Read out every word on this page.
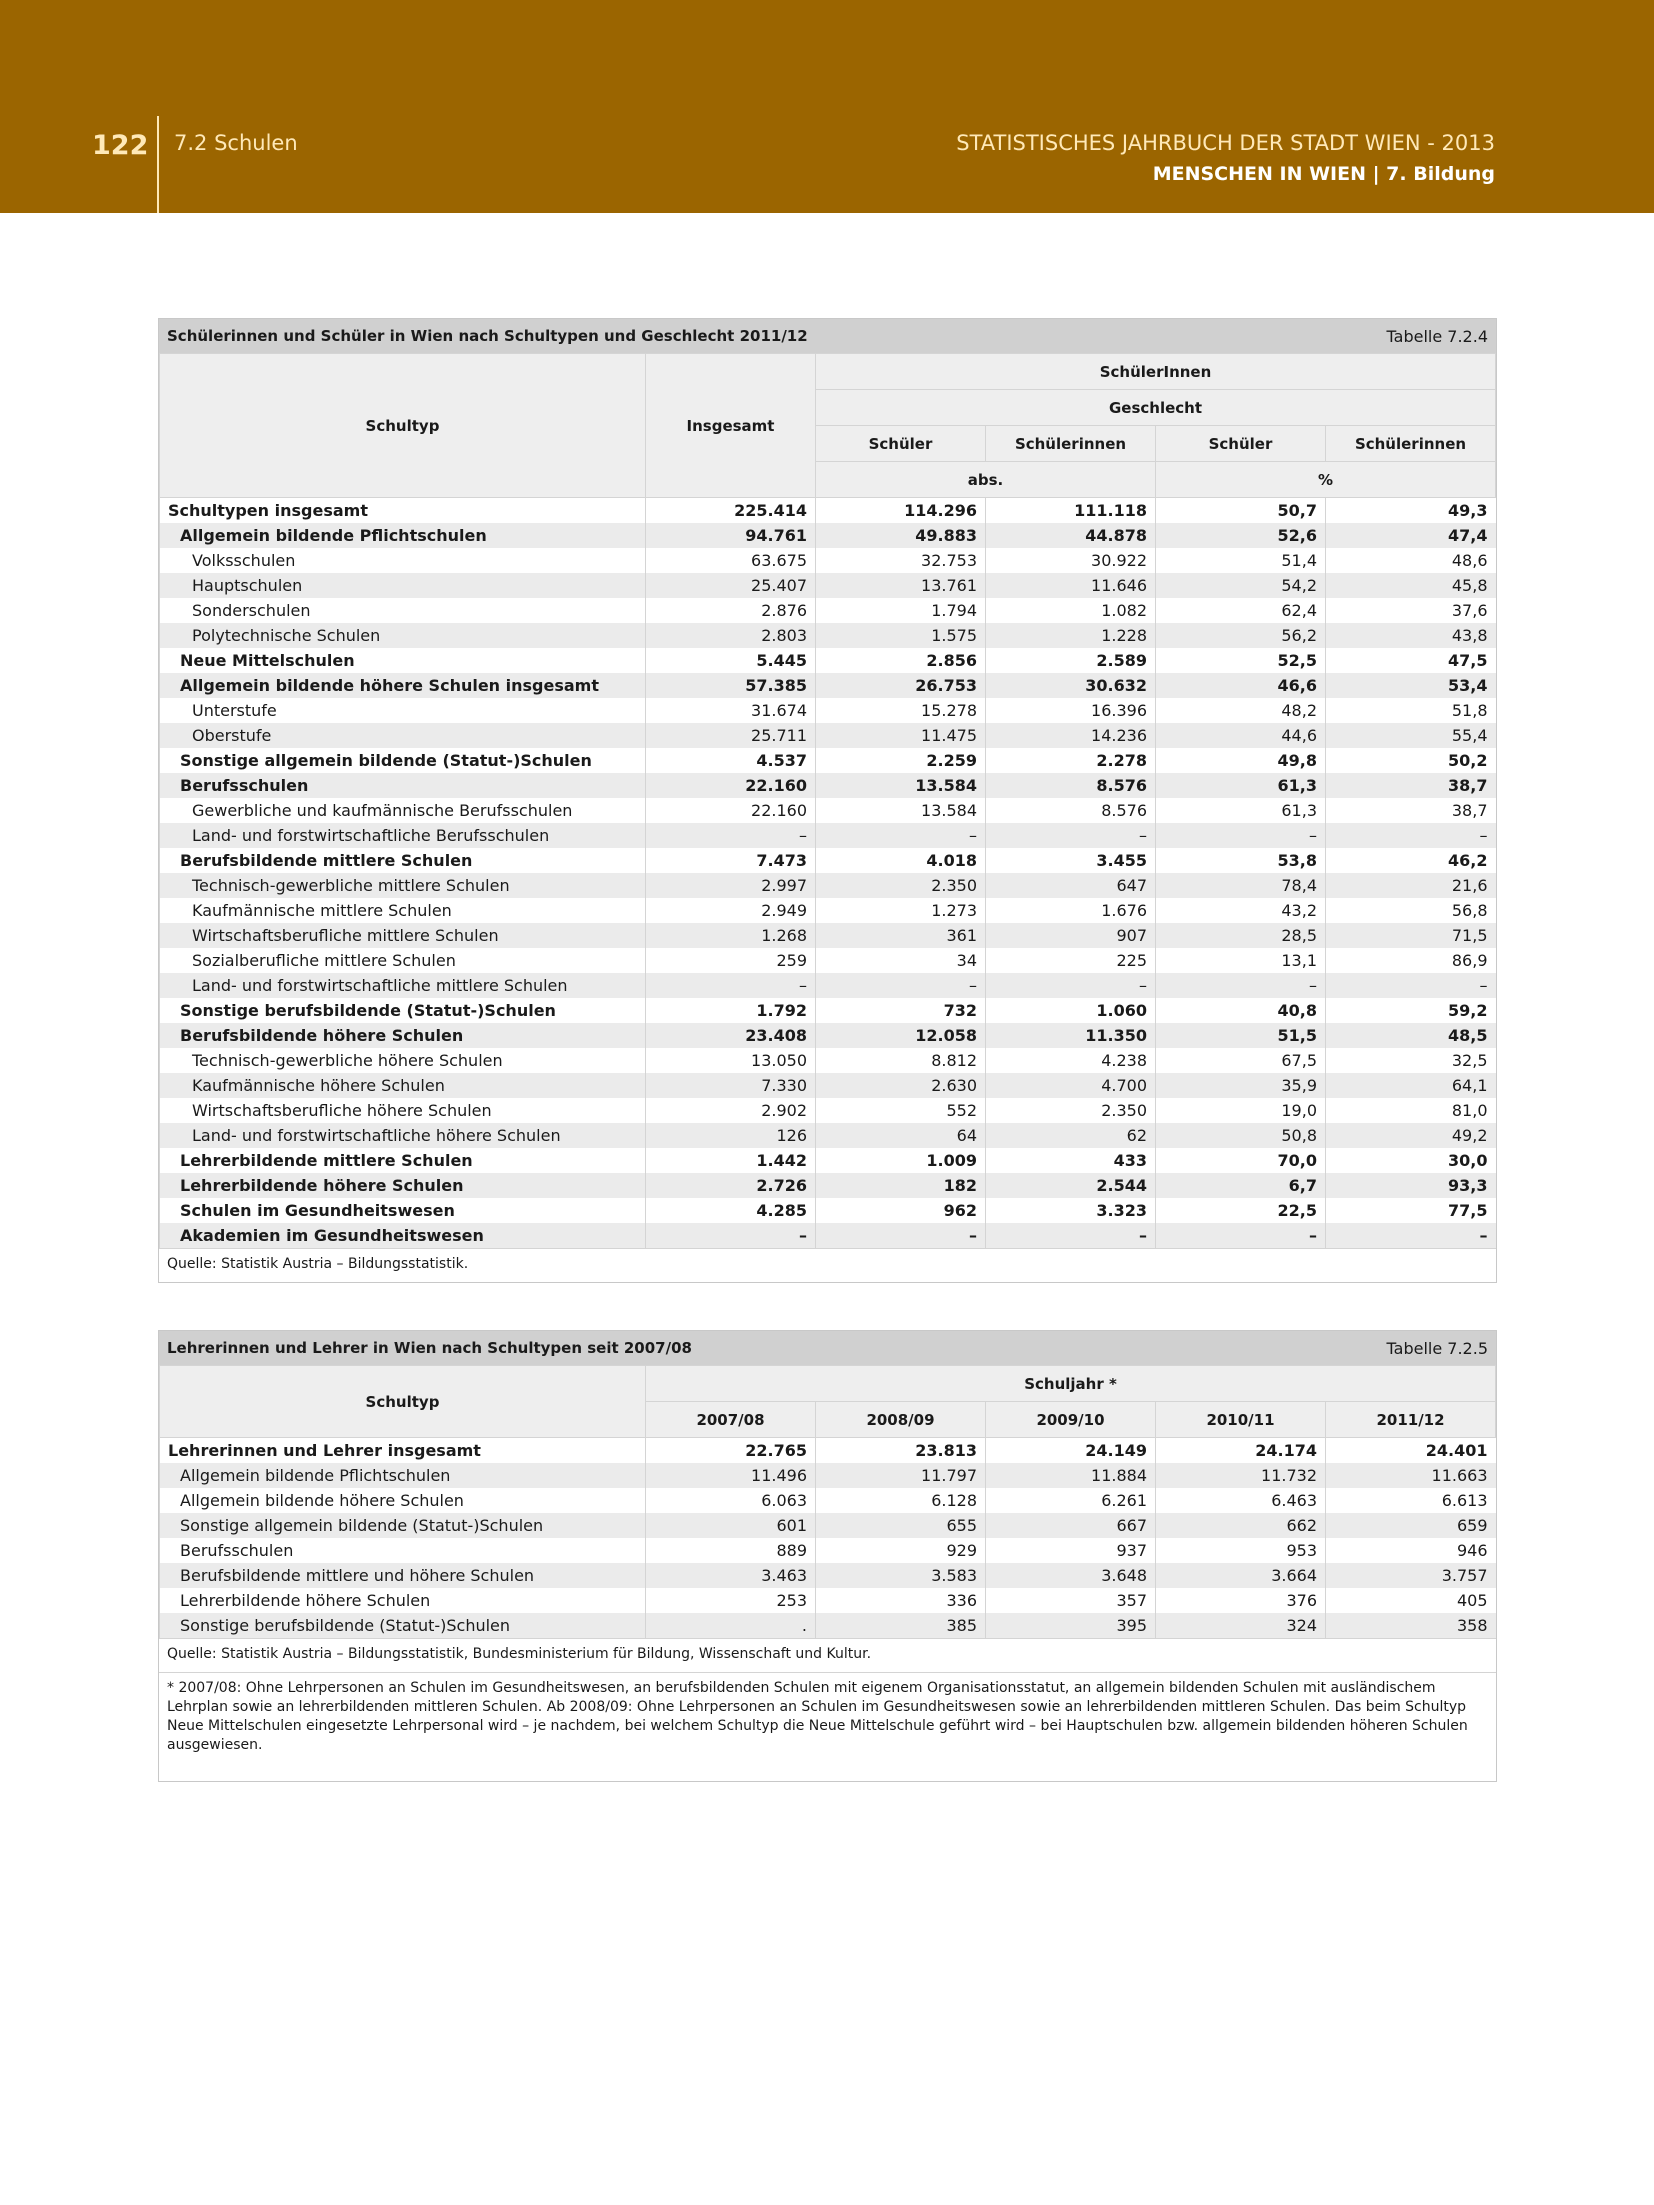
122 7.2 Schulen	STATISTISCHES JAHRBUCH DER STADT WIEN - 2013
MENSCHEN IN WIEN | 7. Bildung
Schülerinnen und Schüler in Wien nach Schultypen und Geschlecht 2011/12	Tabelle 7.2.4
Schultyp	Insgesamt	SchülerInnen			
		Geschlecht			
		Schüler	Schülerinnen	Schüler	Schülerinnen
		abs.		%	
Schultypen insgesamt	225.414	114.296	111.118	50,7	49,3
Allgemein bildende Pflichtschulen	94.761	49.883	44.878	52,6	47,4
Volksschulen	63.675	32.753	30.922	51,4	48,6
Hauptschulen	25.407	13.761	11.646	54,2	45,8
Sonderschulen	2.876	1.794	1.082	62,4	37,6
Polytechnische Schulen	2.803	1.575	1.228	56,2	43,8
Neue Mittelschulen	5.445	2.856	2.589	52,5	47,5
Allgemein bildende höhere Schulen insgesamt	57.385	26.753	30.632	46,6	53,4
Unterstufe	31.674	15.278	16.396	48,2	51,8
Oberstufe	25.711	11.475	14.236	44,6	55,4
Sonstige allgemein bildende (Statut-)Schulen	4.537	2.259	2.278	49,8	50,2
Berufsschulen	22.160	13.584	8.576	61,3	38,7
Gewerbliche und kaufmännische Berufsschulen	22.160	13.584	8.576	61,3	38,7
Land- und forstwirtschaftliche Berufsschulen	–	–	–	–	–
Berufsbildende mittlere Schulen	7.473	4.018	3.455	53,8	46,2
Technisch-gewerbliche mittlere Schulen	2.997	2.350	647	78,4	21,6
Kaufmännische mittlere Schulen	2.949	1.273	1.676	43,2	56,8
Wirtschaftsberufliche mittlere Schulen	1.268	361	907	28,5	71,5
Sozialberufliche mittlere Schulen	259	34	225	13,1	86,9
Land- und forstwirtschaftliche mittlere Schulen	–	–	–	–	–
Sonstige berufsbildende (Statut-)Schulen	1.792	732	1.060	40,8	59,2
Berufsbildende höhere Schulen	23.408	12.058	11.350	51,5	48,5
Technisch-gewerbliche höhere Schulen	13.050	8.812	4.238	67,5	32,5
Kaufmännische höhere Schulen	7.330	2.630	4.700	35,9	64,1
Wirtschaftsberufliche höhere Schulen	2.902	552	2.350	19,0	81,0
Land- und forstwirtschaftliche höhere Schulen	126	64	62	50,8	49,2
Lehrerbildende mittlere Schulen	1.442	1.009	433	70,0	30,0
Lehrerbildende höhere Schulen	2.726	182	2.544	6,7	93,3
Schulen im Gesundheitswesen	4.285	962	3.323	22,5	77,5
Akademien im Gesundheitswesen	–	–	–	–	–
Quelle: Statistik Austria – Bildungsstatistik.
Lehrerinnen und Lehrer in Wien nach Schultypen seit 2007/08	Tabelle 7.2.5
Schultyp	Schuljahr *				
	2007/08	2008/09	2009/10	2010/11	2011/12
Lehrerinnen und Lehrer insgesamt	22.765	23.813	24.149	24.174	24.401
Allgemein bildende Pflichtschulen	11.496	11.797	11.884	11.732	11.663
Allgemein bildende höhere Schulen	6.063	6.128	6.261	6.463	6.613
Sonstige allgemein bildende (Statut-)Schulen	601	655	667	662	659
Berufsschulen	889	929	937	953	946
Berufsbildende mittlere und höhere Schulen	3.463	3.583	3.648	3.664	3.757
Lehrerbildende höhere Schulen	253	336	357	376	405
Sonstige berufsbildende (Statut-)Schulen	.	385	395	324	358
Quelle: Statistik Austria – Bildungsstatistik, Bundesministerium für Bildung, Wissenschaft und Kultur.
* 2007/08: Ohne Lehrpersonen an Schulen im Gesundheitswesen, an berufsbildenden Schulen mit eigenem Organisationsstatut, an allgemein bildenden Schulen mit ausländischem Lehrplan sowie an lehrerbildenden mittleren Schulen. Ab 2008/09: Ohne Lehrpersonen an Schulen im Gesundheitswesen sowie an lehrerbildenden mittleren Schulen. Das beim Schultyp Neue Mittelschulen eingesetzte Lehrpersonal wird – je nachdem, bei welchem Schultyp die Neue Mittelschule geführt wird – bei Hauptschulen bzw. allgemein bildenden höheren Schulen ausgewiesen.
